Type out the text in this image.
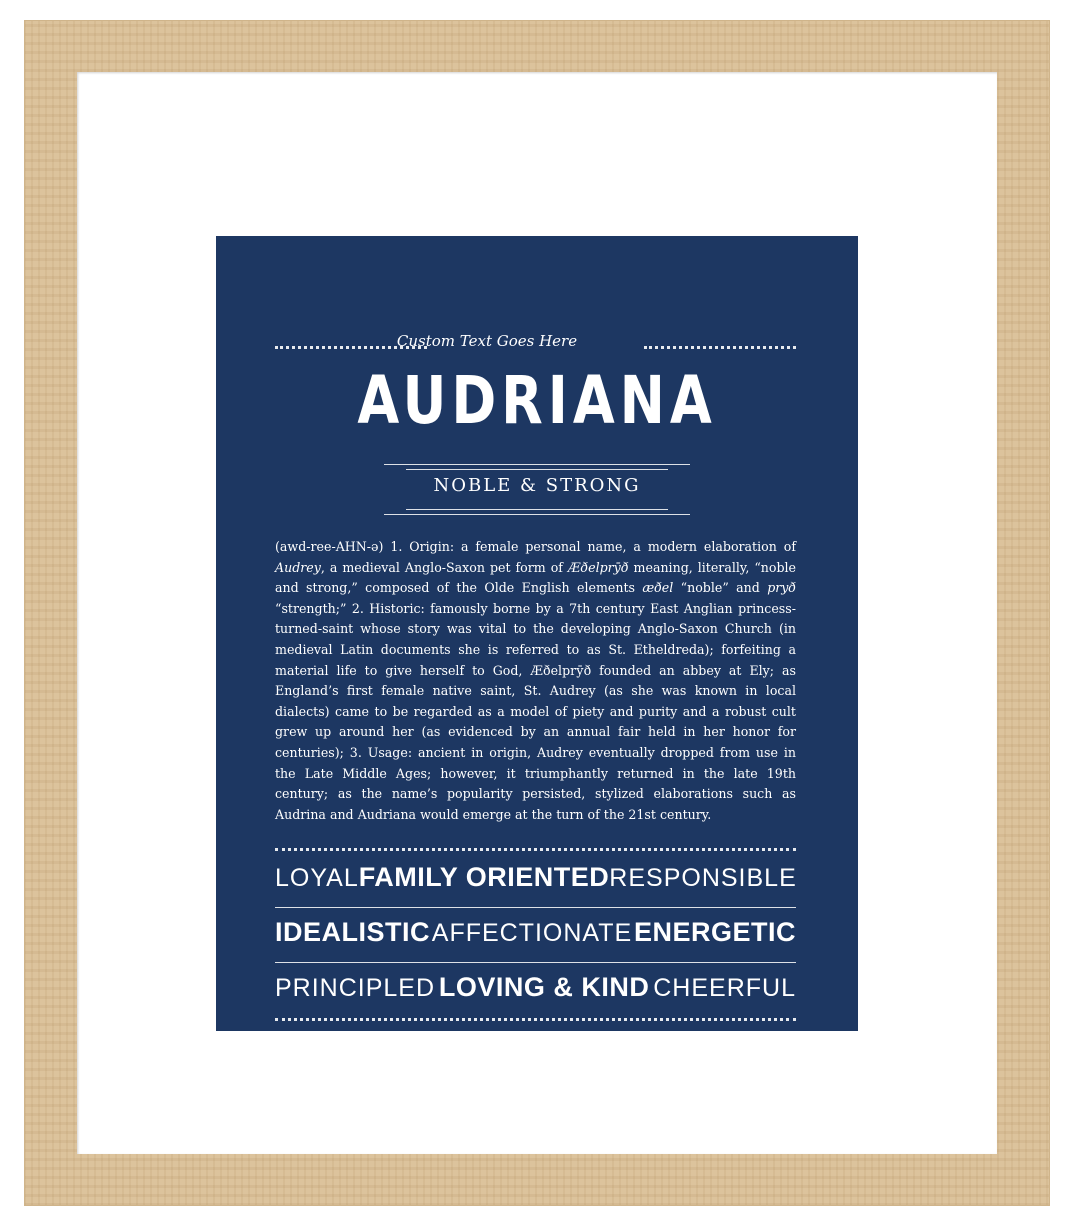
Custom Text Goes Here
AUDRIANA
NOBLE & STRONG
(awd-ree-AHN-ə) 1. Origin: a female personal name, a modern elaboration of Audrey, a medieval Anglo-Saxon pet form of Æðelprӯð meaning, literally, “noble and strong,” composed of the Olde English elements æðel “noble” and pryð “strength;” 2. Historic: famously borne by a 7th century East Anglian princess-turned-saint whose story was vital to the developing Anglo-Saxon Church (in medieval Latin documents she is referred to as St. Etheldreda); forfeiting a material life to give herself to God, Æðelprӯð founded an abbey at Ely; as England’s first female native saint, St. Audrey (as she was known in local dialects) came to be regarded as a model of piety and purity and a robust cult grew up around her (as evidenced by an annual fair held in her honor for centuries); 3. Usage: ancient in origin, Audrey eventually dropped from use in the Late Middle Ages; however, it triumphantly returned in the late 19th century; as the name’s popularity persisted, stylized elaborations such as Audrina and Audriana would emerge at the turn of the 21st century.
LOYAL FAMILY ORIENTED RESPONSIBLE
IDEALISTIC AFFECTIONATE ENERGETIC
PRINCIPLED LOVING & KIND CHEERFUL
